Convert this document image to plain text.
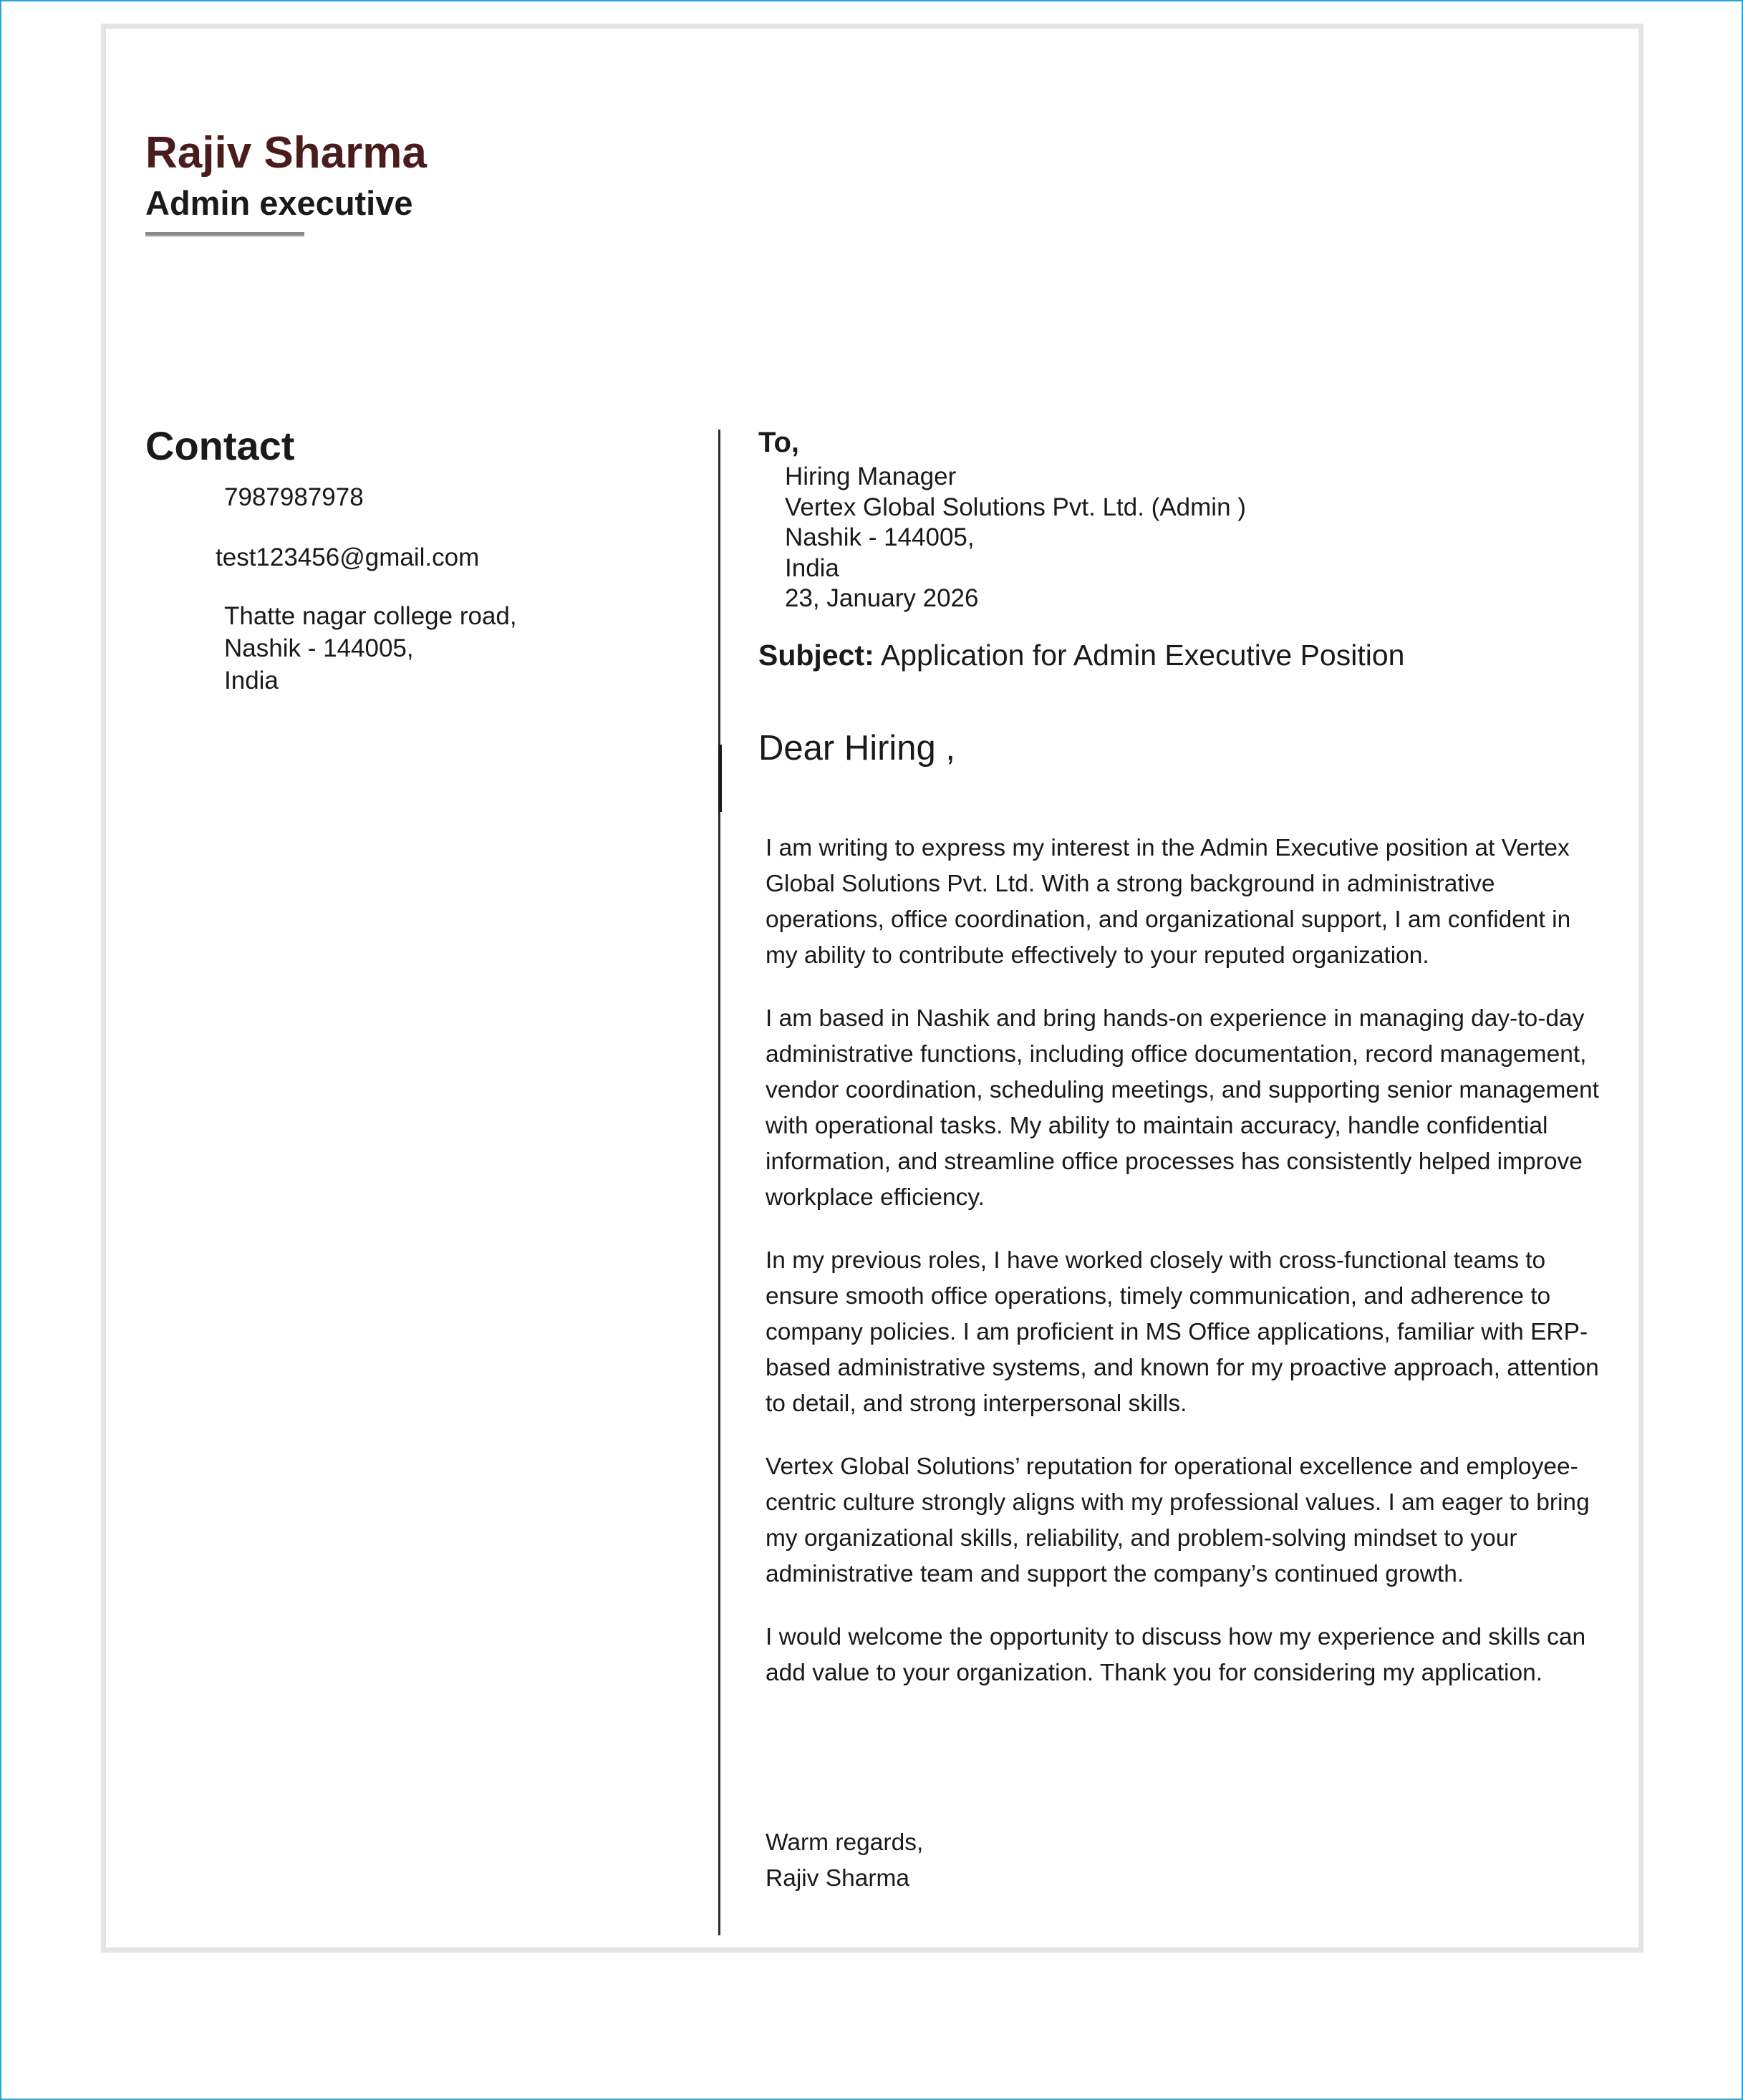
Rajiv Sharma
Admin executive
Contact
7987987978
test123456@gmail.com
Thatte nagar college road,
Nashik - 144005,
India
To,
Hiring Manager
Vertex Global Solutions Pvt. Ltd. (Admin )
Nashik - 144005,
India
23, January 2026
Subject: Application for Admin Executive Position
Dear Hiring ,

I am writing to express my interest in the Admin Executive position at Vertex Global Solutions Pvt. Ltd. With a strong background in administrative operations, office coordination, and organizational support, I am confident in my ability to contribute effectively to your reputed organization.

I am based in Nashik and bring hands-on experience in managing day-to-day administrative functions, including office documentation, record management, vendor coordination, scheduling meetings, and supporting senior management with operational tasks. My ability to maintain accuracy, handle confidential information, and streamline office processes has consistently helped improve workplace efficiency.

In my previous roles, I have worked closely with cross-functional teams to ensure smooth office operations, timely communication, and adherence to company policies. I am proficient in MS Office applications, familiar with ERP-based administrative systems, and known for my proactive approach, attention to detail, and strong interpersonal skills.

Vertex Global Solutions’ reputation for operational excellence and employee-centric culture strongly aligns with my professional values. I am eager to bring my organizational skills, reliability, and problem-solving mindset to your administrative team and support the company’s continued growth.

I would welcome the opportunity to discuss how my experience and skills can add value to your organization. Thank you for considering my application.

Warm regards,
Rajiv Sharma
